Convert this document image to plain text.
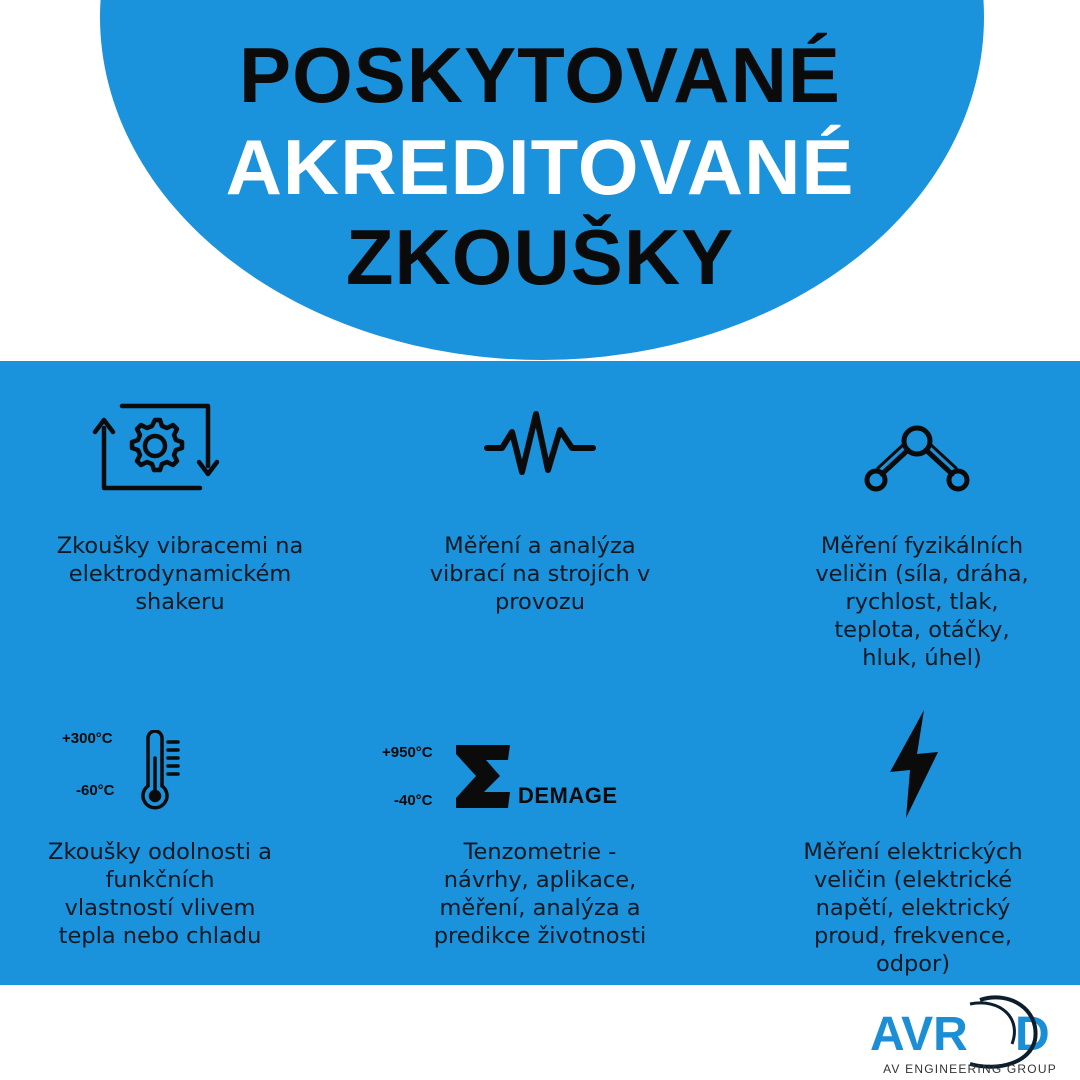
POSKYTOVANÉ
AKREDITOVANÉ
ZKOUŠKY
+300°C
-60°C
+950°C
-40°C	DEMAGE
Zkoušky vibracemi na
elektrodynamickém
shakeru
Měření a analýza
vibrací na strojích v
provozu
Měření fyzikálních
veličin (síla, dráha,
rychlost, tlak,
teplota, otáčky,
hluk, úhel)
Zkoušky odolnosti a
funkčních
vlastností vlivem
tepla nebo chladu
Tenzometrie -
návrhy, aplikace,
měření, analýza a
predikce životnosti
Měření elektrických
veličin (elektrické
napětí, elektrický
proud, frekvence,
odpor)
AVR D
AV ENGINEERING GROUP
